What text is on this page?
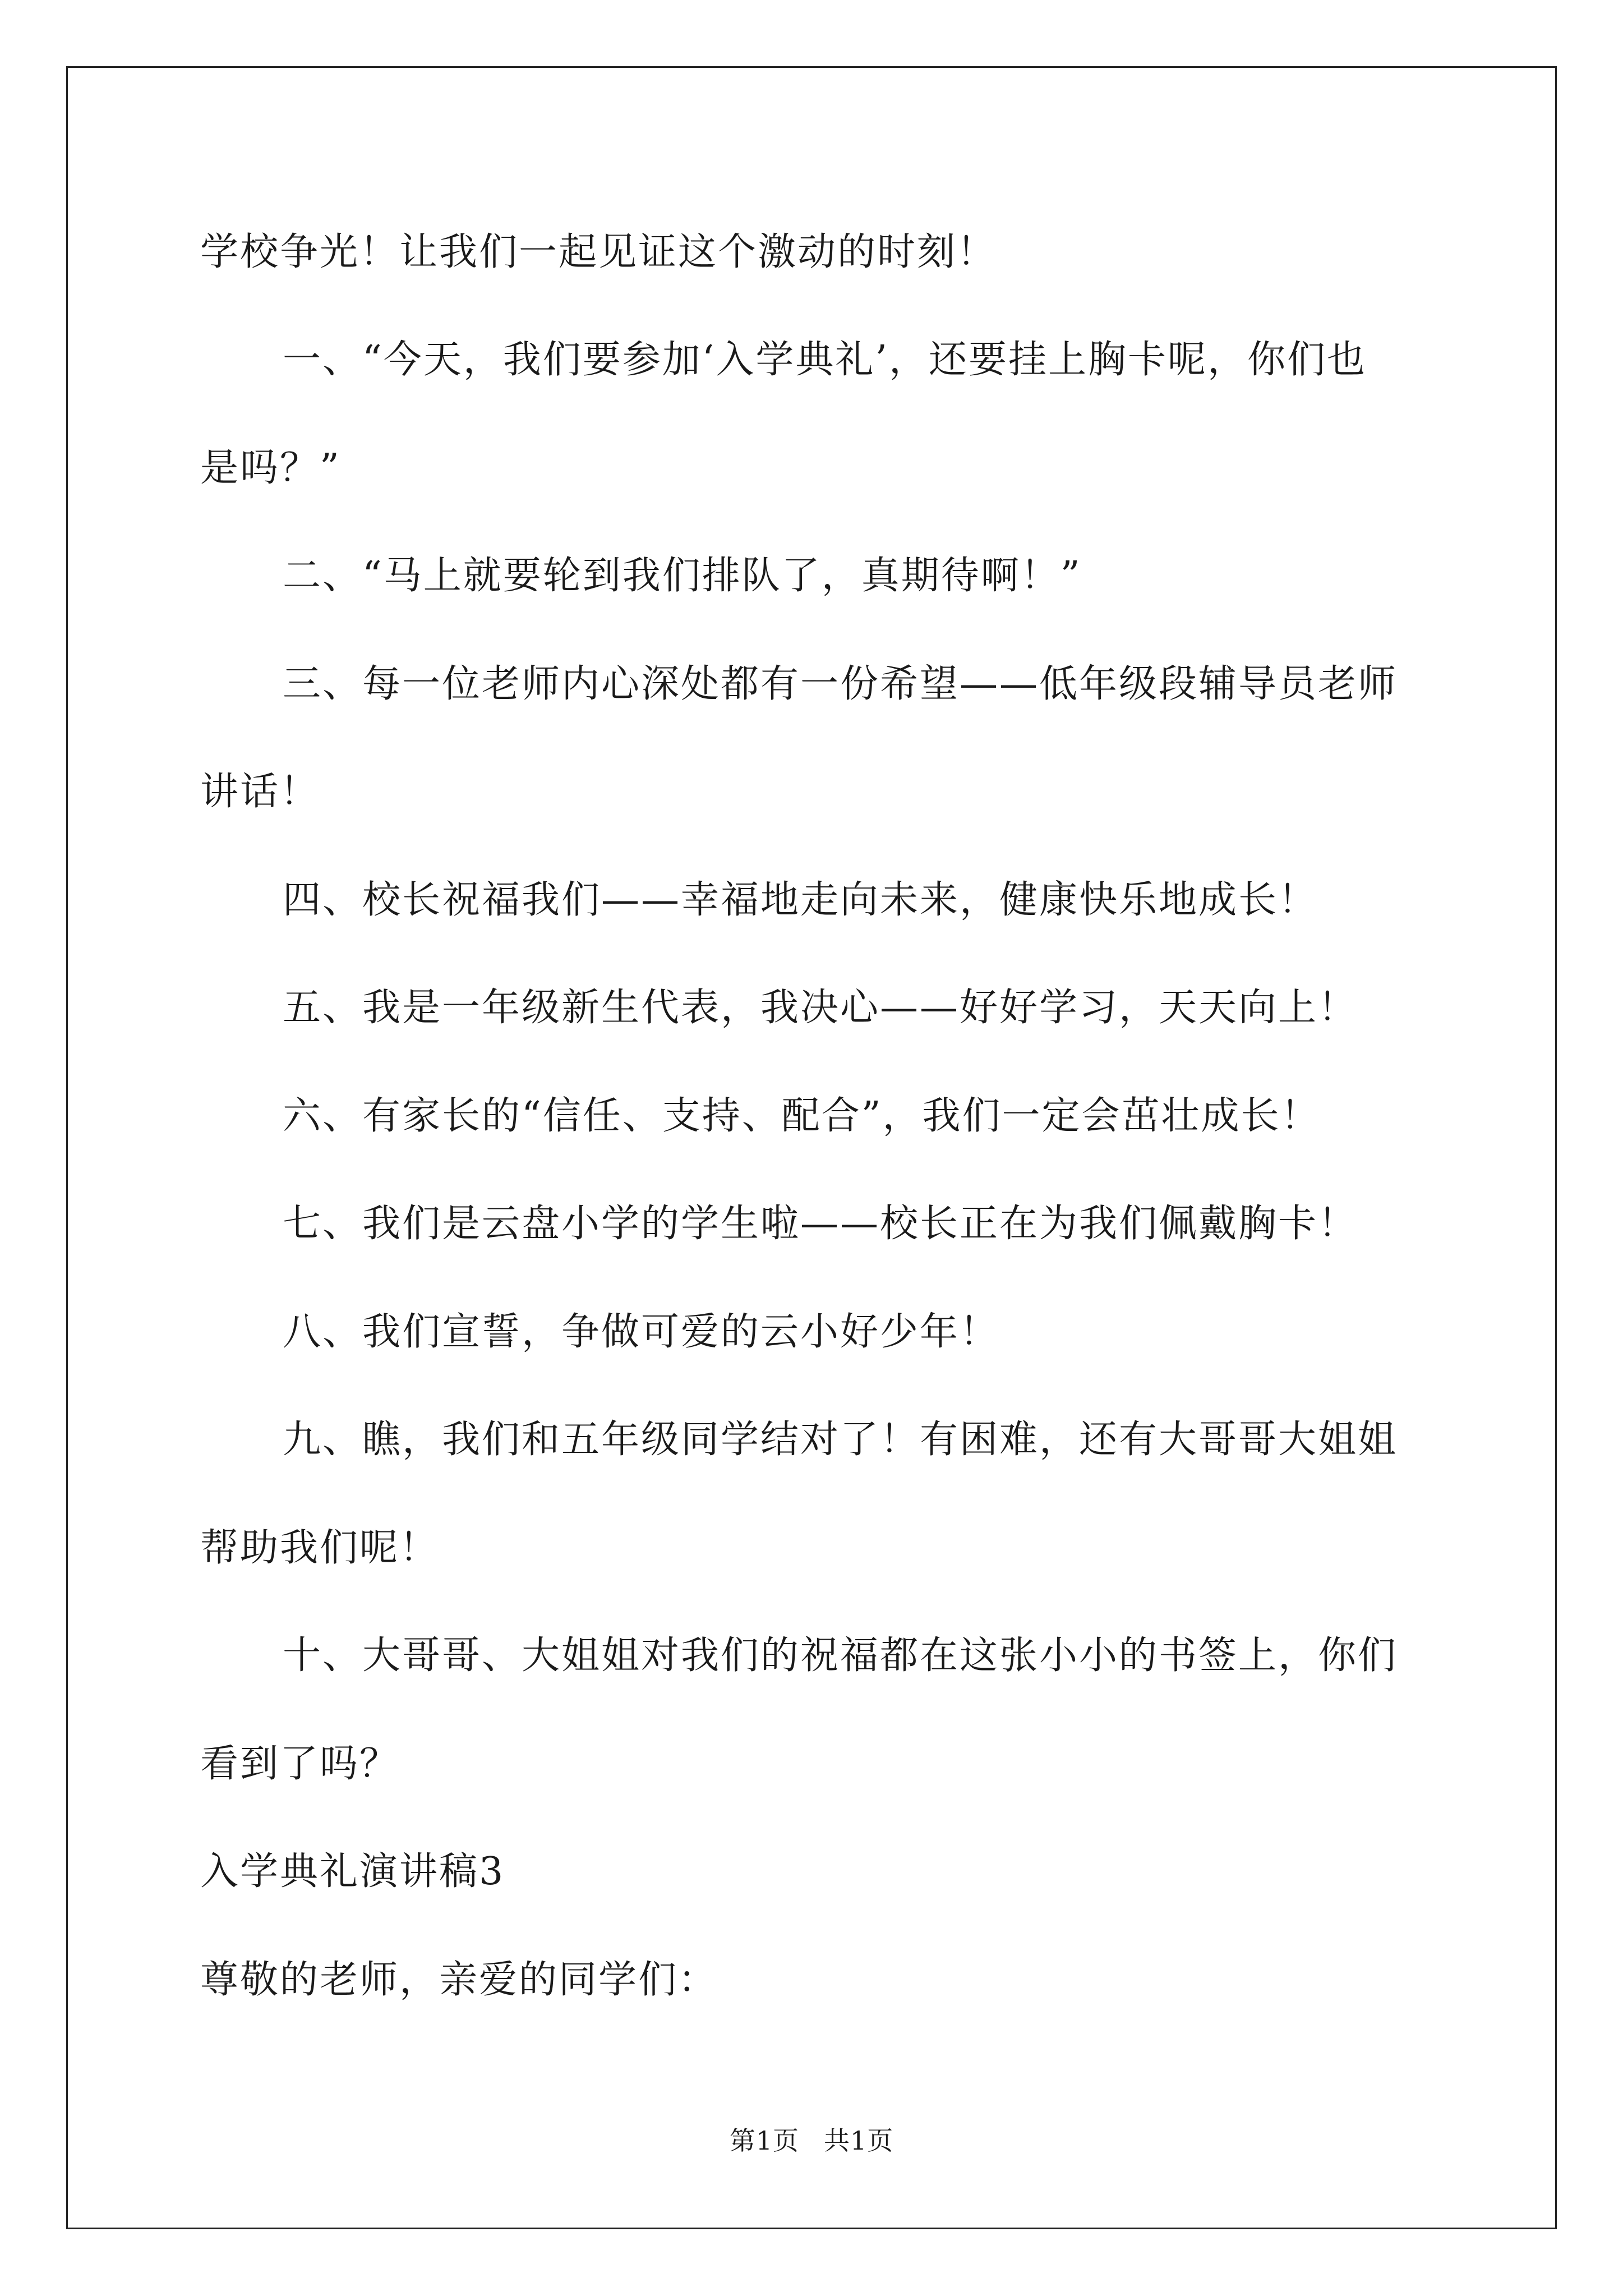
学校争光！让我们一起见证这个激动的时刻！
一、“今天，我们要参加‘入学典礼’，还要挂上胸卡呢，你们也
是吗？”
二、“马上就要轮到我们排队了，真期待啊！”
三、每一位老师内心深处都有一份希望——低年级段辅导员老师
讲话！
四、校长祝福我们——幸福地走向未来，健康快乐地成长！
五、我是一年级新生代表，我决心——好好学习，天天向上！
六、有家长的“信任、支持、配合”，我们一定会茁壮成长！
七、我们是云盘小学的学生啦——校长正在为我们佩戴胸卡！
八、我们宣誓，争做可爱的云小好少年！
九、瞧，我们和五年级同学结对了！有困难，还有大哥哥大姐姐
帮助我们呢！
十、大哥哥、大姐姐对我们的祝福都在这张小小的书签上，你们
看到了吗？
入学典礼演讲稿3
尊敬的老师，亲爱的同学们：
第1页 共1页
